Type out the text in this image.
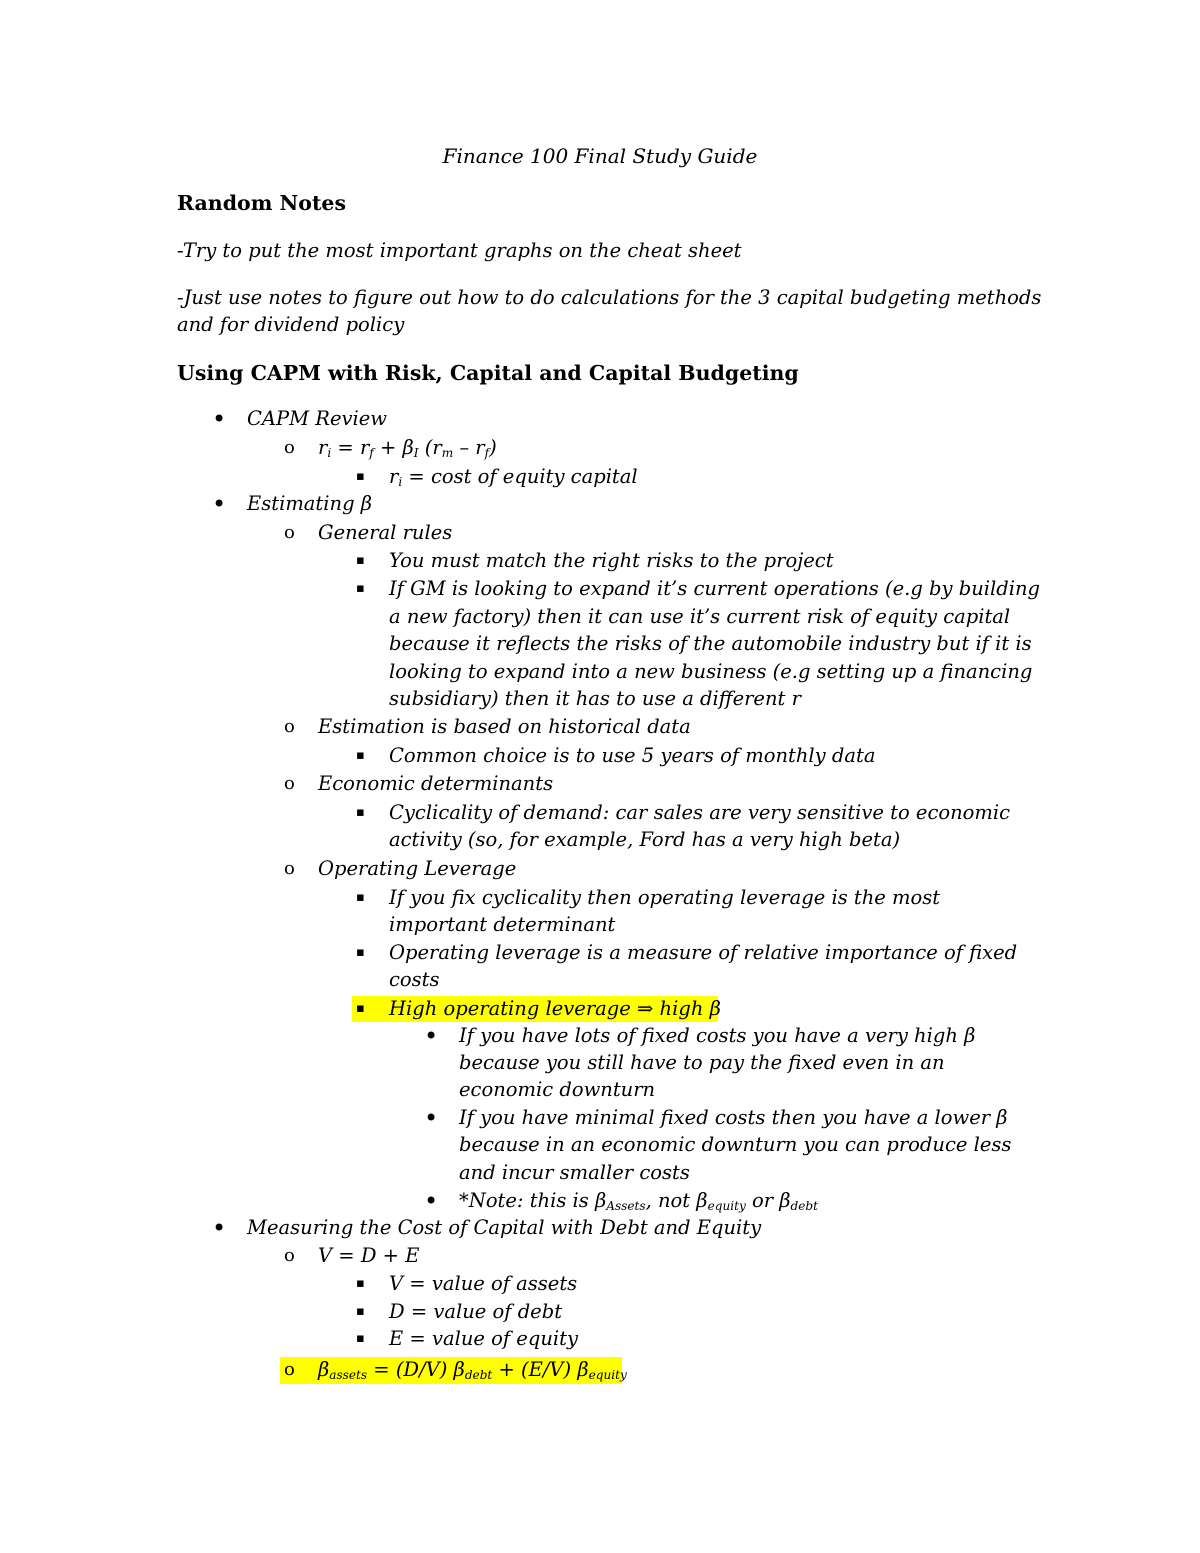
Finance 100 Final Study Guide
Random Notes
-Try to put the most important graphs on the cheat sheet
-Just use notes to figure out how to do calculations for the 3 capital budgeting methods
and for dividend policy
Using CAPM with Risk, Capital and Capital Budgeting
• CAPM Review
o $r_i = r_f + \beta_I$ $(r_m - r_f)$
▪ $r_i = \cos t$ of equity capital
• Estimating β
o General rules
▪ You must match the right risks to the project
▪ If GM is looking to expand it’s current operations (e.g by building
a new factory) then it can use it’s current risk of equity capital
because it reflects the risks of the automobile industry but if it is
looking to expand into a new business (e.g setting up a financing
subsidiary) then it has to use a different r
o Estimation is based on historical data
▪ Common choice is to use 5 years of monthly data
o Economic determinants
▪ Cyclicality of demand: car sales are very sensitive to economic
activity (so, for example, Ford has a very high beta)
o Operating Leverage
▪ If you fix cyclicality then operating leverage is the most
important determinant
▪ Operating leverage is a measure of relative importance of fixed
costs
▪ High operating leverage ⇒ high β
• If you have lots of fixed costs you have a very high β
because you still have to pay the fixed even in an
economic downturn
• If you have minimal fixed costs then you have a lower β
because in an economic downturn you can produce less
and incur smaller costs
• *Note: this is $\beta_{Assets}$, not $\beta_{equity}$ or $\beta_{debt}$
• Measuring the Cost of Capital with Debt and Equity
o V = D + E
▪ V = value of assets
▪ D = value of debt
▪ E = value of equity
o $\beta_{assets} = (D/V) \beta_{debt} + (E/V)$ $\beta_{equity}$
